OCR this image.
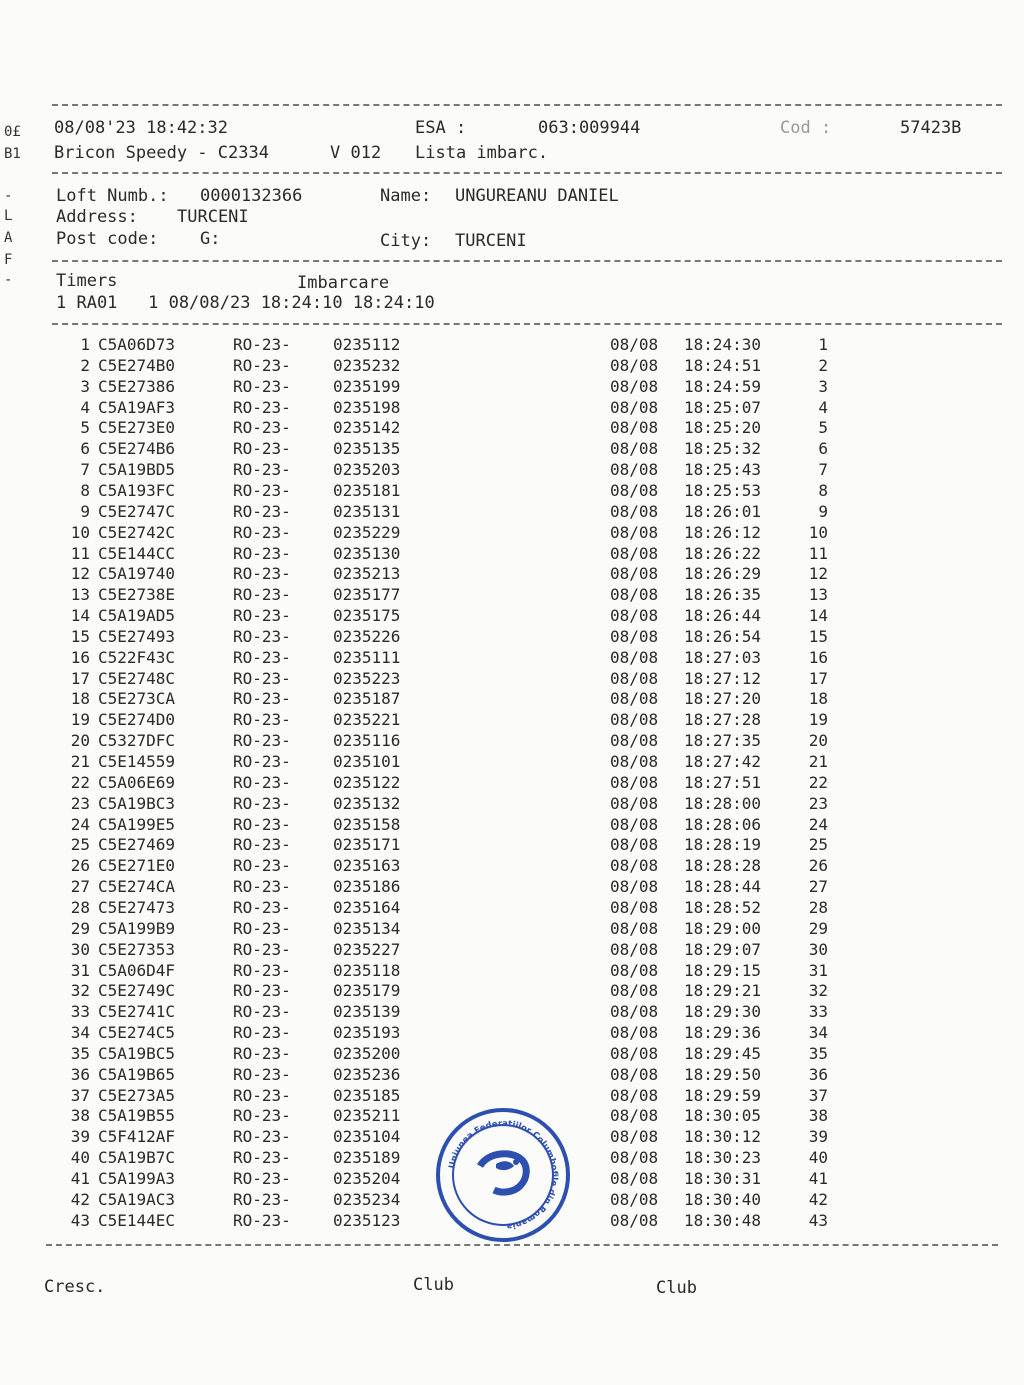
0£
B1
-
L
A
F
-
08/08'23 18:42:32	ESA :	063:009944	Cod :	57423B
Bricon Speedy - C2334	V 012 Lista imbarc.
Loft Numb.: 0000132366	Name: UNGUREANU DANIEL
Address: TURCENI
Post code: G:	City: TURCENI
Timers	Imbarcare
1 RA01   1 08/08/23 18:24:10 18:24:10
1 C5A06D73	RO-23-	0235112	08/08 18:24:30	1
2 C5E274B0	RO-23-	0235232	08/08 18:24:51	2
3 C5E27386	RO-23-	0235199	08/08 18:24:59	3
4 C5A19AF3	RO-23-	0235198	08/08 18:25:07	4
5 C5E273E0	RO-23-	0235142	08/08 18:25:20	5
6 C5E274B6	RO-23-	0235135	08/08 18:25:32	6
7 C5A19BD5	RO-23-	0235203	08/08 18:25:43	7
8 C5A193FC	RO-23-	0235181	08/08 18:25:53	8
9 C5E2747C	RO-23-	0235131	08/08 18:26:01	9
10 C5E2742C	RO-23-	0235229	08/08 18:26:12	10
11 C5E144CC	RO-23-	0235130	08/08 18:26:22	11
12 C5A19740	RO-23-	0235213	08/08 18:26:29	12
13 C5E2738E	RO-23-	0235177	08/08 18:26:35	13
14 C5A19AD5	RO-23-	0235175	08/08 18:26:44	14
15 C5E27493	RO-23-	0235226	08/08 18:26:54	15
16 C522F43C	RO-23-	0235111	08/08 18:27:03	16
17 C5E2748C	RO-23-	0235223	08/08 18:27:12	17
18 C5E273CA	RO-23-	0235187	08/08 18:27:20	18
19 C5E274D0	RO-23-	0235221	08/08 18:27:28	19
20 C5327DFC	RO-23-	0235116	08/08 18:27:35	20
21 C5E14559	RO-23-	0235101	08/08 18:27:42	21
22 C5A06E69	RO-23-	0235122	08/08 18:27:51	22
23 C5A19BC3	RO-23-	0235132	08/08 18:28:00	23
24 C5A199E5	RO-23-	0235158	08/08 18:28:06	24
25 C5E27469	RO-23-	0235171	08/08 18:28:19	25
26 C5E271E0	RO-23-	0235163	08/08 18:28:28	26
27 C5E274CA	RO-23-	0235186	08/08 18:28:44	27
28 C5E27473	RO-23-	0235164	08/08 18:28:52	28
29 C5A199B9	RO-23-	0235134	08/08 18:29:00	29
30 C5E27353	RO-23-	0235227	08/08 18:29:07	30
31 C5A06D4F	RO-23-	0235118	08/08 18:29:15	31
32 C5E2749C	RO-23-	0235179	08/08 18:29:21	32
33 C5E2741C	RO-23-	0235139	08/08 18:29:30	33
34 C5E274C5	RO-23-	0235193	08/08 18:29:36	34
35 C5A19BC5	RO-23-	0235200	08/08 18:29:45	35
36 C5A19B65	RO-23-	0235236	08/08 18:29:50	36
37 C5E273A5	RO-23-	0235185	08/08 18:29:59	37
38 C5A19B55	RO-23-	0235211	08/08 18:30:05	38
39 C5F412AF	RO-23-	0235104	08/08 18:30:12	39
40 C5A19B7C	RO-23-	0235189	08/08 18:30:23	40
41 C5A199A3	RO-23-	0235204	08/08 18:30:31	41
42 C5A19AC3	RO-23-	0235234	08/08 18:30:40	42
43 C5E144EC	RO-23-	0235123	08/08 18:30:48	43
Uniunea Federatiilor Columbofile din Romania
Cresc.	Club	Club
